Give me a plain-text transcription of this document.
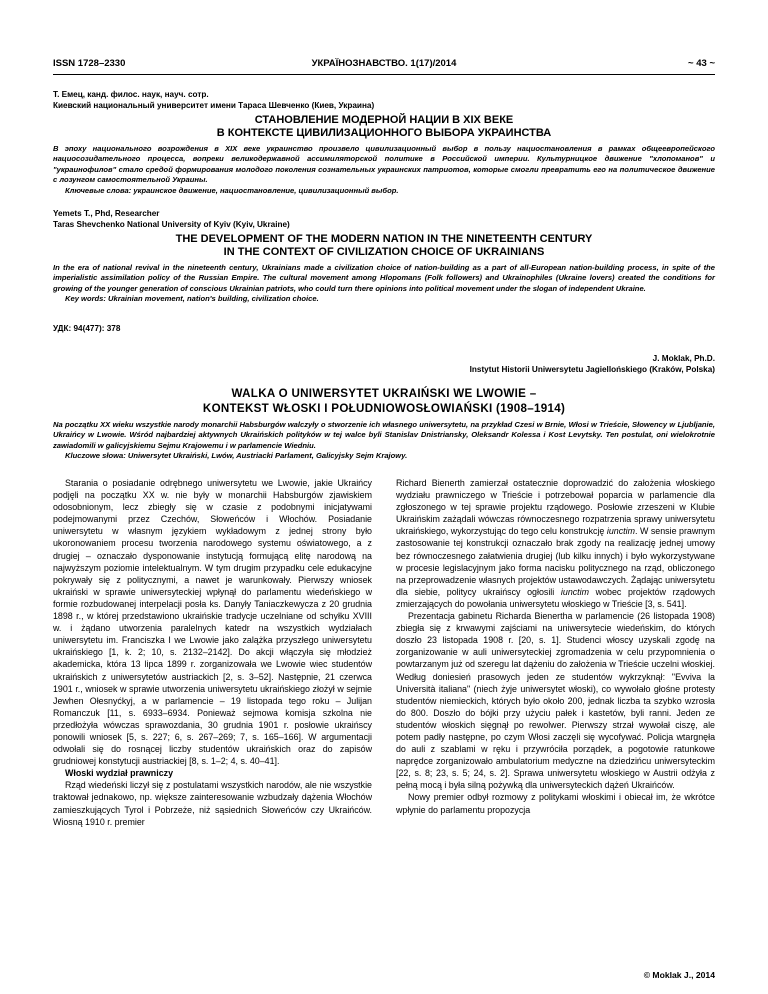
ISSN 1728–2330	УКРАЇНОЗНАВСТВО. 1(17)/2014	~ 43 ~
Т. Емец, канд. филос. наук, науч. сотр.
Киевский национальный университет имени Тараса Шевченко (Киев, Украина)
СТАНОВЛЕНИЕ МОДЕРНОЙ НАЦИИ В XIX ВЕКЕ
В КОНТЕКСТЕ ЦИВИЛИЗАЦИОННОГО ВЫБОРА УКРАИНСТВА
В эпоху национального возрождения в XIX веке украинство произвело цивилизационный выбор в пользу нациостановления в рамках общеевропейского нациосозидательного процесса, вопреки великодержавной ассимиляторской политике в Российской империи. Культурницкое движение "хлопоманов" и "украинофилов" стало средой формирования молодого поколения сознательных украинских патриотов, которые смогли превратить его на политическое движение с лозунгом самостоятельной Украины.
Ключевые слова: украинское движение, нациостановление, цивилизационный выбор.
Yemets T., Phd, Researcher
Taras Shevchenko National University of Kyiv (Kyiv, Ukraine)
THE DEVELOPMENT OF THE MODERN NATION IN THE NINETEENTH CENTURY
IN THE CONTEXT OF CIVILIZATION CHOICE OF UKRAINIANS
In the era of national revival in the nineteenth century, Ukrainians made a civilization choice of nation-building as a part of all-European nation-building process, in spite of the imperialistic assimilation policy of the Russian Empire. The cultural movement among Hlopomans (Folk followers) and Ukrainophiles (Ukraine lovers) created the conditions for growing of the younger generation of conscious Ukrainian patriots, who could turn there opinions into political movement under the slogan of independent Ukraine.
Key words: Ukrainian movement, nation's building, civilization choice.
УДК: 94(477): 378
J. Moklak, Ph.D.
Instytut Historii Uniwersytetu Jagiellońskiego (Kraków, Polska)
WALKA O UNIWERSYTET UKRAIŃSKI WE LWOWIE –
KONTEKST WŁOSKI I POŁUDNIOWOSŁOWIAŃSKI (1908–1914)
Na początku XX wieku wszystkie narody monarchii Habsburgów walczyły o stworzenie ich własnego uniwersytetu, na przykład Czesi w Brnie, Włosi w Trieście, Słowency w Ljubljanie, Ukraińcy w Lwowie. Wśród najbardziej aktywnych Ukraińskich polityków w tej walce byli Stanislav Dnistriansky, Oleksandr Kolessa i Kost Levytsky. Ten postulat, oni wielokrotnie zawiadomili w galicyjskiemu Sejmu Krajowemu i w parlamencie Wiedniu.
Kluczowe słowa: Uniwersytet Ukraiński, Lwów, Austriacki Parlament, Galicyjsky Sejm Krajowy.

Starania o posiadanie odrębnego uniwersytetu we Lwowie, jakie Ukraińcy podjęli na początku XX w. nie były w monarchii Habsburgów zjawiskiem odosobnionym, lecz zbiegły się w czasie z podobnymi inicjatywami podejmowanymi przez Czechów, Słoweńców i Włochów. Posiadanie uniwersytetu w własnym językiem wykładowym z jednej strony było ukoronowaniem procesu tworzenia narodowego systemu oświatowego, a z drugiej – oznaczało dysponowanie instytucją formującą elitę narodową na najwyższym poziomie intelektualnym. W tym drugim przypadku cele edukacyjne pokrywały się z politycznymi, a nawet je warunkowały. Pierwszy wniosek ukraiński w sprawie uniwersyteckiej wpłynął do parlamentu wiedeńskiego w formie rozbudowanej interpelacji posła ks. Danyły Taniaczkewycza z 20 grudnia 1898 r., w której przedstawiono ukraińskie tradycje uczelniane od schyłku XVIII w. i żądano utworzenia paralelnych katedr na wszystkich wydziałach uniwersytetu im. Franciszka I we Lwowie jako zalążka przyszłego uniwersytetu ukraińskiego [1, k. 2; 10, s. 2132–2142]. Do akcji włączyła się młodzież akademicka, która 13 lipca 1899 r. zorganizowała we Lwowie wiec studentów ukraińskich z uniwersytetów austriackich [2, s. 3–52]. Następnie, 21 czerwca 1901 r., wniosek w sprawie utworzenia uniwersytetu ukraińskiego złożył w sejmie Jewhen Ołesnyćkyj, a w parlamencie – 19 listopada tego roku – Julijan Romanczuk [11, s. 6933–6934. Ponieważ sejmowa komisja szkolna nie przedłożyła wówczas sprawozdania, 30 grudnia 1901 r. posłowie ukraińscy ponowili wniosek [5, s. 227; 6, s. 267–269; 7, s. 165–166]. W argumentacji odwołali się do rosnącej liczby studentów ukraińskich oraz do zapisów grudniowej konstytucji austriackiej [8, s. 1–2; 4, s. 40–41].

Włoski wydział prawniczy

Rząd wiedeński liczył się z postulatami wszystkich narodów, ale nie wszystkie traktował jednakowo, np. większe zainteresowanie wzbudzały dążenia Włochów zamieszkujących Tyrol i Pobrzeże, niż sąsiednich Słoweńców czy Ukraińców. Wiosną 1910 r. premier

Richard Bienerth zamierzał ostatecznie doprowadzić do założenia włoskiego wydziału prawniczego w Trieście i potrzebował poparcia w parlamencie dla zgłoszonego w tej sprawie projektu rządowego. Posłowie zrzeszeni w Klubie Ukraińskim zażądali wówczas równoczesnego rozpatrzenia sprawy uniwersytetu ukraińskiego, wykorzystując do tego celu konstrukcję iunctim. W sensie prawnym zastosowanie tej konstrukcji oznaczało brak zgody na realizację jednej umowy bez równoczesnego załatwienia drugiej (lub kilku innych) i było wykorzystywane w procesie legislacyjnym jako forma nacisku politycznego na rząd, obliczonego na przeprowadzenie własnych projektów ustawodawczych. Żądając uniwersytetu dla siebie, politycy ukraińscy ogłosili iunctim wobec projektów rządowych zmierzających do powołania uniwersytetu włoskiego w Trieście [3, s. 541].

Prezentacja gabinetu Richarda Bienertha w parlamencie (26 listopada 1908) zbiegła się z krwawymi zajściami na uniwersytecie wiedeńskim, do których doszło 23 listopada 1908 r. [20, s. 1]. Studenci włoscy uzyskali zgodę na zorganizowanie w auli uniwersyteckiej zgromadzenia w celu przypomnienia o powtarzanym już od szeregu lat dążeniu do założenia w Trieście uczelni włoskiej. Według doniesień prasowych jeden ze studentów wykrzyknął: "Evviva la Università italiana" (niech żyje uniwersytet włoski), co wywołało głośne protesty studentów niemieckich, których było około 200, jednak liczba ta szybko wzrosła do 800. Doszło do bójki przy użyciu pałek i kastetów, byli ranni. Jeden ze studentów włoskich sięgnął po rewolwer. Pierwszy strzał wywołał ciszę, ale potem padły następne, po czym Włosi zaczęli się wycofywać. Policja wtargnęła do auli z szablami w ręku i przywróciła porządek, a pogotowie ratunkowe naprędce zorganizowało ambulatorium medyczne na dziedzińcu uniwersyteckim [22, s. 8; 23, s. 5; 24, s. 2]. Sprawa uniwersytetu włoskiego w Austrii odżyła z pełną mocą i była silną pożywką dla uniwersyteckich dążeń Ukraińców.

Nowy premier odbył rozmowy z politykami włoskimi i obiecał im, że wkrótce wpłynie do parlamentu propozycja

© Moklak J., 2014
